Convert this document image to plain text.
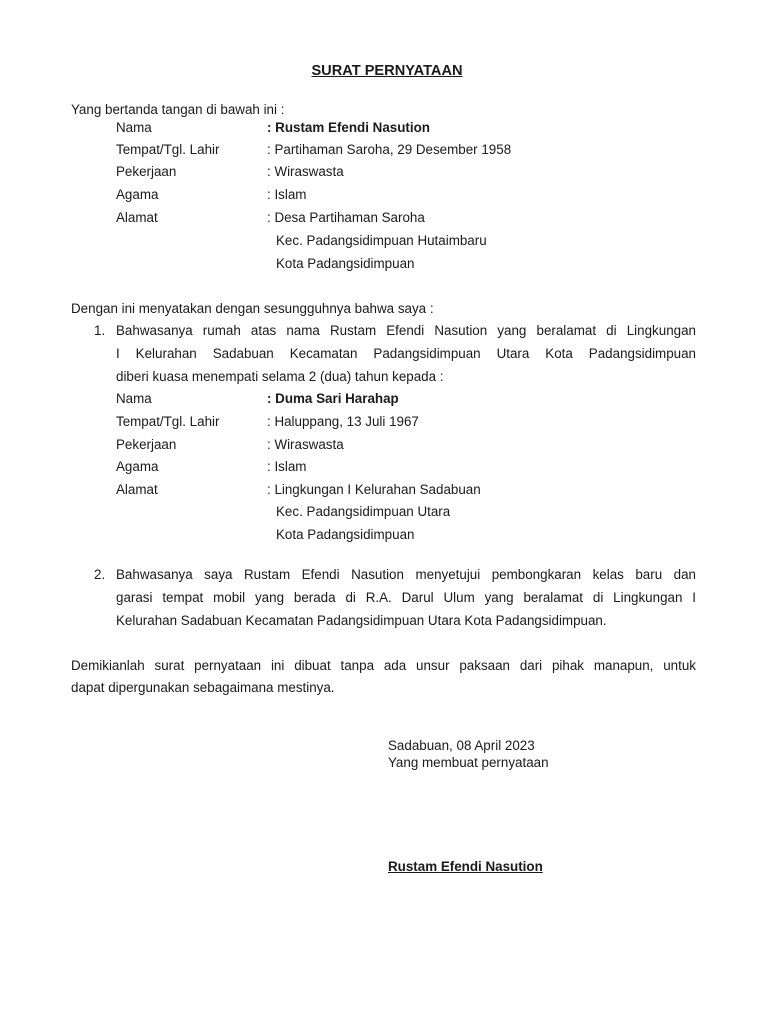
SURAT PERNYATAAN
Yang bertanda tangan di bawah ini :
Nama	: Rustam Efendi Nasution
Tempat/Tgl. Lahir	: Partihaman Saroha, 29 Desember 1958
Pekerjaan	: Wiraswasta
Agama	: Islam
Alamat	: Desa Partihaman Saroha
Kec. Padangsidimpuan Hutaimbaru
Kota Padangsidimpuan
Dengan ini menyatakan dengan sesungguhnya bahwa saya :
1. Bahwasanya rumah atas nama Rustam Efendi Nasution yang beralamat di Lingkungan
I Kelurahan Sadabuan Kecamatan Padangsidimpuan Utara Kota Padangsidimpuan
diberi kuasa menempati selama 2 (dua) tahun kepada :
Nama	: Duma Sari Harahap
Tempat/Tgl. Lahir	: Haluppang, 13 Juli 1967
Pekerjaan	: Wiraswasta
Agama	: Islam
Alamat	: Lingkungan I Kelurahan Sadabuan
Kec. Padangsidimpuan Utara
Kota Padangsidimpuan
2. Bahwasanya saya Rustam Efendi Nasution menyetujui pembongkaran kelas baru dan
garasi tempat mobil yang berada di R.A. Darul Ulum yang beralamat di Lingkungan I
Kelurahan Sadabuan Kecamatan Padangsidimpuan Utara Kota Padangsidimpuan.
Demikianlah surat pernyataan ini dibuat tanpa ada unsur paksaan dari pihak manapun, untuk
dapat dipergunakan sebagaimana mestinya.
Sadabuan, 08 April 2023
Yang membuat pernyataan
Rustam Efendi Nasution
